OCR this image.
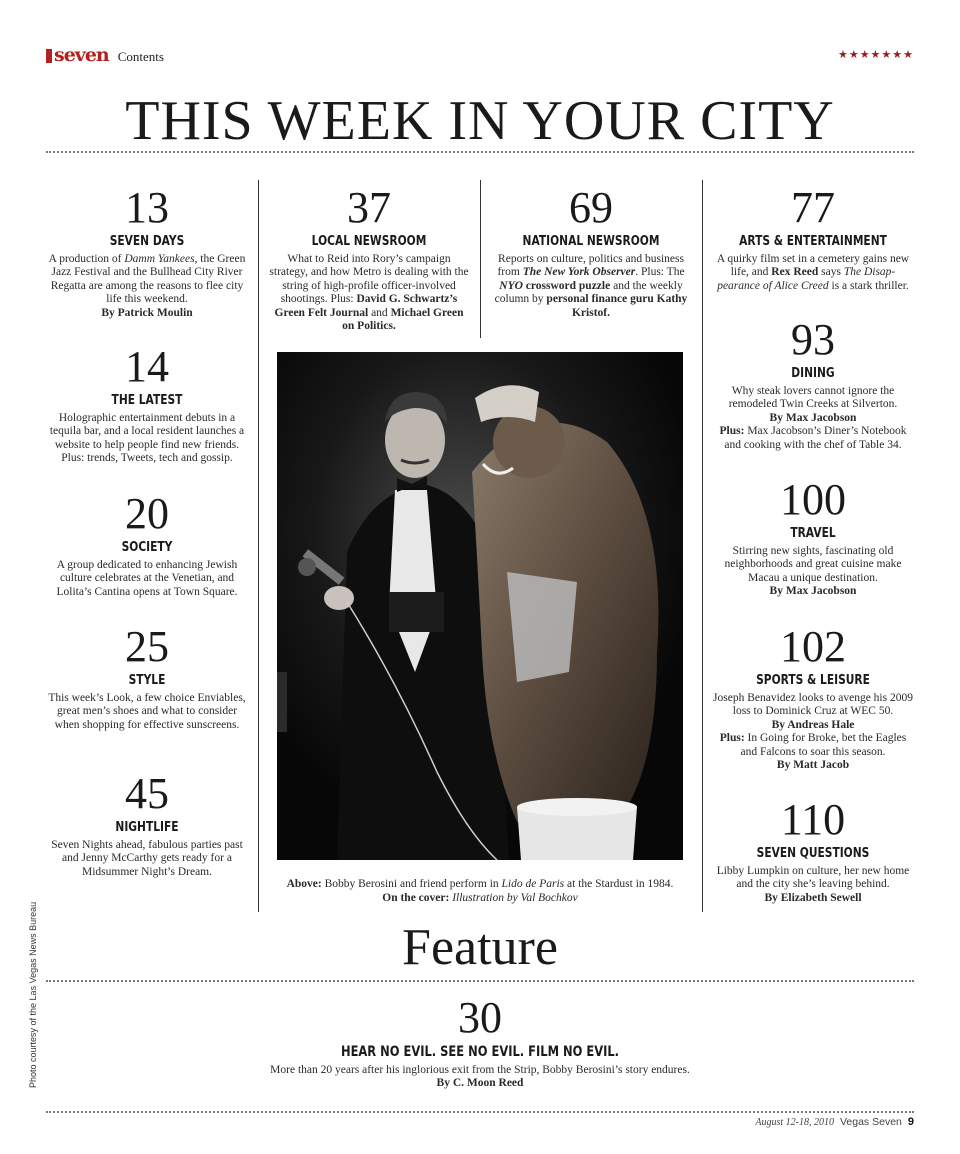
seven Contents	★★★★★★★
THIS WEEK IN YOUR CITY
13
SEVEN DAYS
A production of Damm Yankees, the Green Jazz Festival and the Bullhead City River Regatta are among the reasons to flee city life this weekend.
By Patrick Moulin
14
THE LATEST
Holographic entertainment debuts in a tequila bar, and a local resident launches a website to help people find new friends. Plus: trends, Tweets, tech and gossip.
20
SOCIETY
A group dedicated to enhancing Jewish culture celebrates at the Venetian, and Lolita’s Cantina opens at Town Square.
25
STYLE
This week’s Look, a few choice Enviables, great men’s shoes and what to consider when shopping for effective sunscreens.
45
NIGHTLIFE
Seven Nights ahead, fabulous parties past and Jenny McCarthy gets ready for a Midsummer Night’s Dream.
37
LOCAL NEWSROOM
What to Reid into Rory’s campaign strategy, and how Metro is dealing with the string of high-profile officer-involved shootings. Plus: David G. Schwartz’s Green Felt Journal and Michael Green on Politics.
69
NATIONAL NEWSROOM
Reports on culture, politics and business from The New York Observer. Plus: The NYO crossword puzzle and the weekly column by personal finance guru Kathy Kristof.
Above: Bobby Berosini and friend perform in Lido de Paris at the Stardust in 1984.
On the cover: Illustration by Val Bochkov
77
ARTS & ENTERTAINMENT
A quirky film set in a cemetery gains new life, and Rex Reed says The Disap-pearance of Alice Creed is a stark thriller.
93
DINING
Why steak lovers cannot ignore the remodeled Twin Creeks at Silverton.
By Max Jacobson
Plus: Max Jacobson’s Diner’s Notebook and cooking with the chef of Table 34.
100
TRAVEL
Stirring new sights, fascinating old neighborhoods and great cuisine make Macau a unique destination.
By Max Jacobson
102
SPORTS & LEISURE
Joseph Benavidez looks to avenge his 2009 loss to Dominick Cruz at WEC 50.
By Andreas Hale
Plus: In Going for Broke, bet the Eagles and Falcons to soar this season.
By Matt Jacob
110
SEVEN QUESTIONS
Libby Lumpkin on culture, her new home and the city she’s leaving behind.
By Elizabeth Sewell
Photo courtesy of the Las Vegas News Bureau	Feature
30
HEAR NO EVIL. SEE NO EVIL. FILM NO EVIL.
More than 20 years after his inglorious exit from the Strip, Bobby Berosini’s story endures.
By C. Moon Reed
August 12-18, 2010 Vegas Seven 9
